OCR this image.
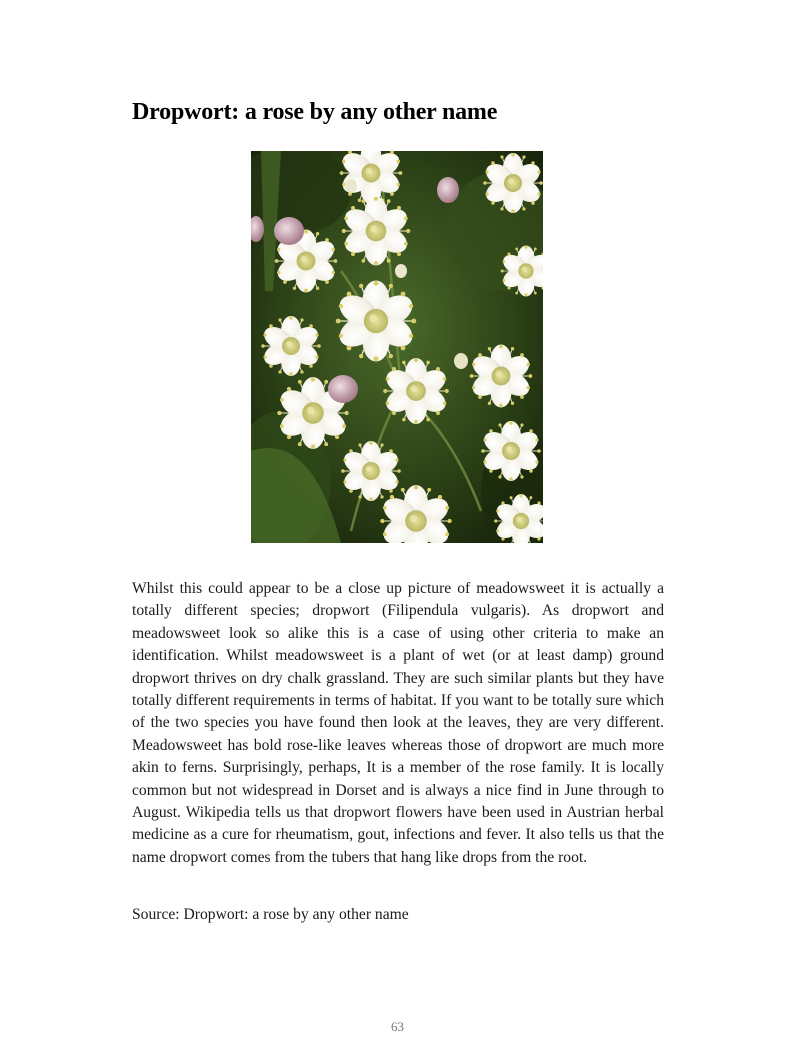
Dropwort: a rose by any other name

Whilst this could appear to be a close up picture of meadowsweet it is actually a totally different species; dropwort (Filipendula vulgaris). As dropwort and meadowsweet look so alike this is a case of using other criteria to make an identification. Whilst meadowsweet is a plant of wet (or at least damp) ground dropwort thrives on dry chalk grassland. They are such similar plants but they have totally different requirements in terms of habitat. If you want to be totally sure which of the two species you have found then look at the leaves, they are very different. Meadowsweet has bold rose-like leaves whereas those of dropwort are much more akin to ferns. Surprisingly, perhaps, It is a member of the rose family. It is locally common but not widespread in Dorset and is always a nice find in June through to August. Wikipedia tells us that dropwort flowers have been used in Austrian herbal medicine as a cure for rheumatism, gout, infections and fever. It also tells us that the name dropwort comes from the tubers that hang like drops from the root.

Source: Dropwort: a rose by any other name

63
